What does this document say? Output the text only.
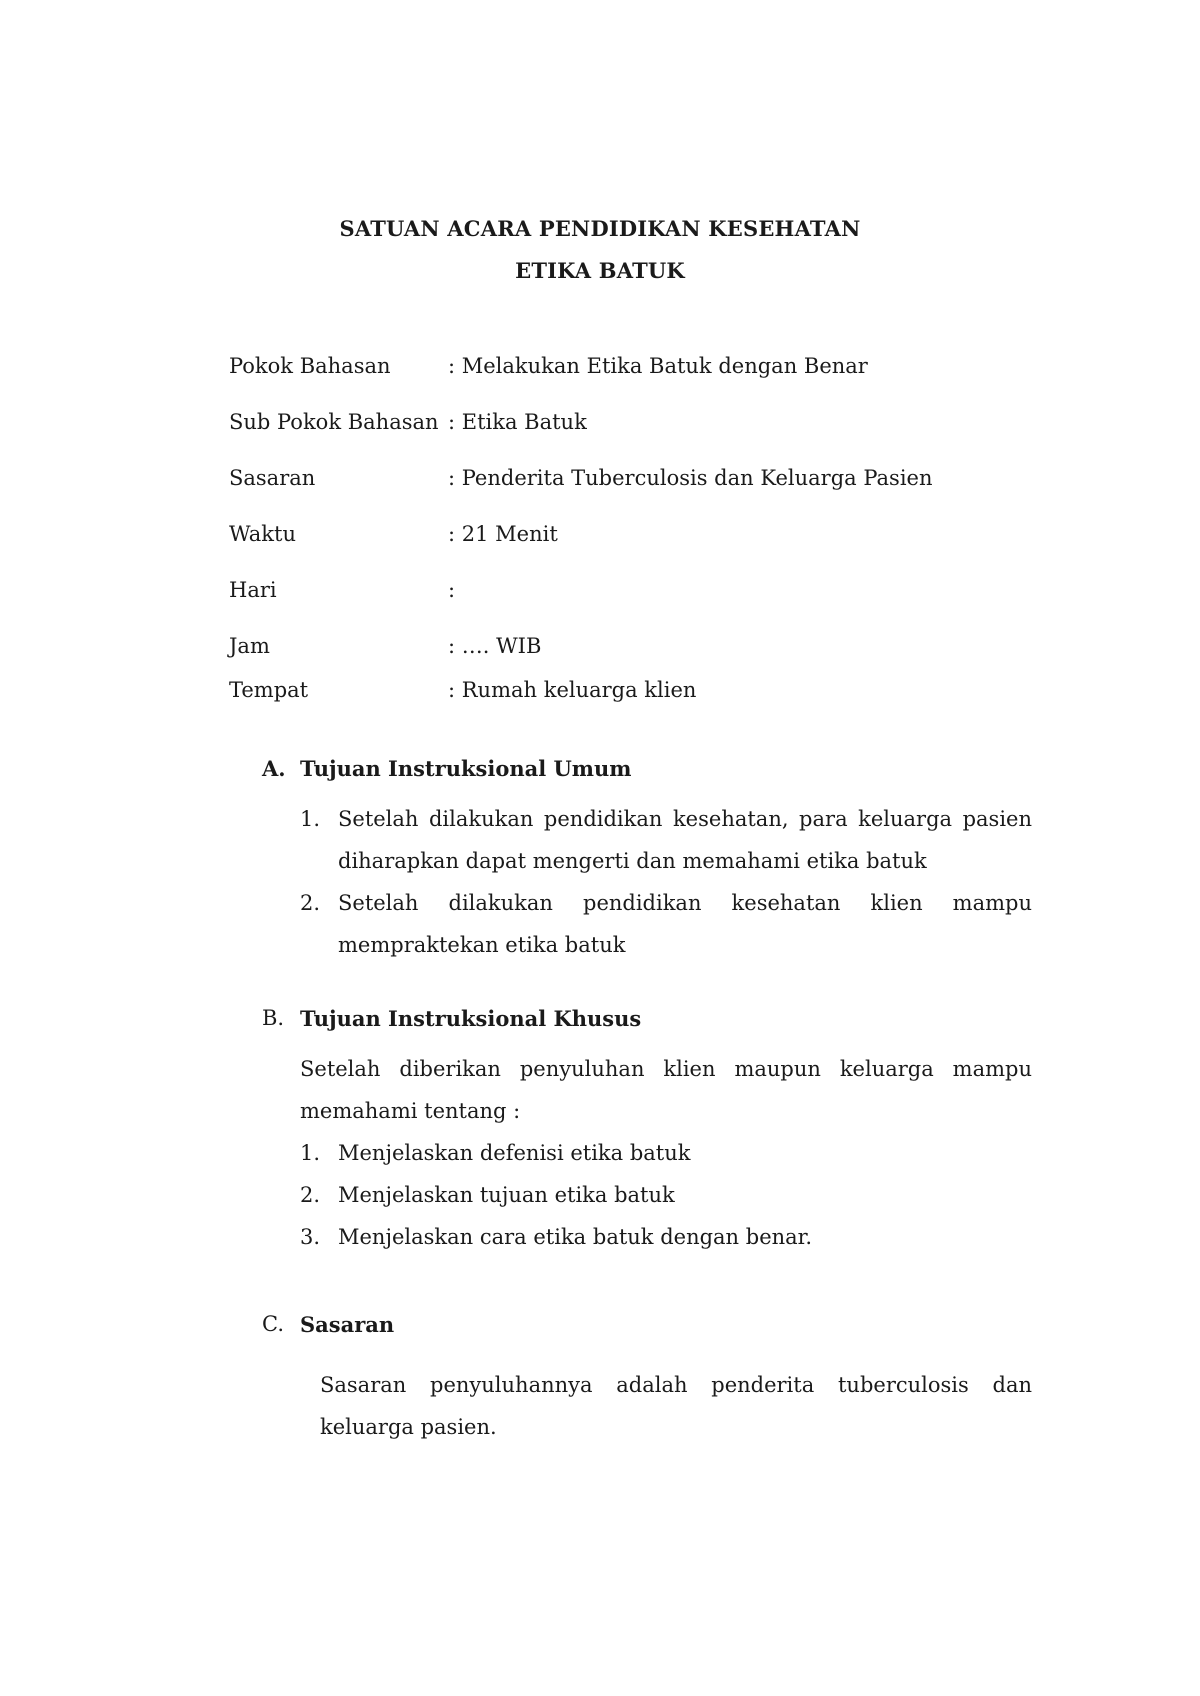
SATUAN ACARA PENDIDIKAN KESEHATAN
ETIKA BATUK
Pokok Bahasan	: Melakukan Etika Batuk dengan Benar
Sub Pokok Bahasan : Etika Batuk
Sasaran	: Penderita Tuberculosis dan Keluarga Pasien
Waktu	: 21 Menit
Hari	:
Jam	: …. WIB
Tempat	: Rumah keluarga klien
A. Tujuan Instruksional Umum
1. Setelah dilakukan pendidikan kesehatan, para keluarga pasien diharapkan dapat mengerti dan memahami etika batuk
2. Setelah dilakukan pendidikan kesehatan klien mampu mempraktekan etika batuk
B. Tujuan Instruksional Khusus
Setelah diberikan penyuluhan klien maupun keluarga mampu memahami tentang :
1. Menjelaskan defenisi etika batuk
2. Menjelaskan tujuan etika batuk
3. Menjelaskan cara etika batuk dengan benar.
C. Sasaran
Sasaran penyuluhannya adalah penderita tuberculosis dan keluarga pasien.
